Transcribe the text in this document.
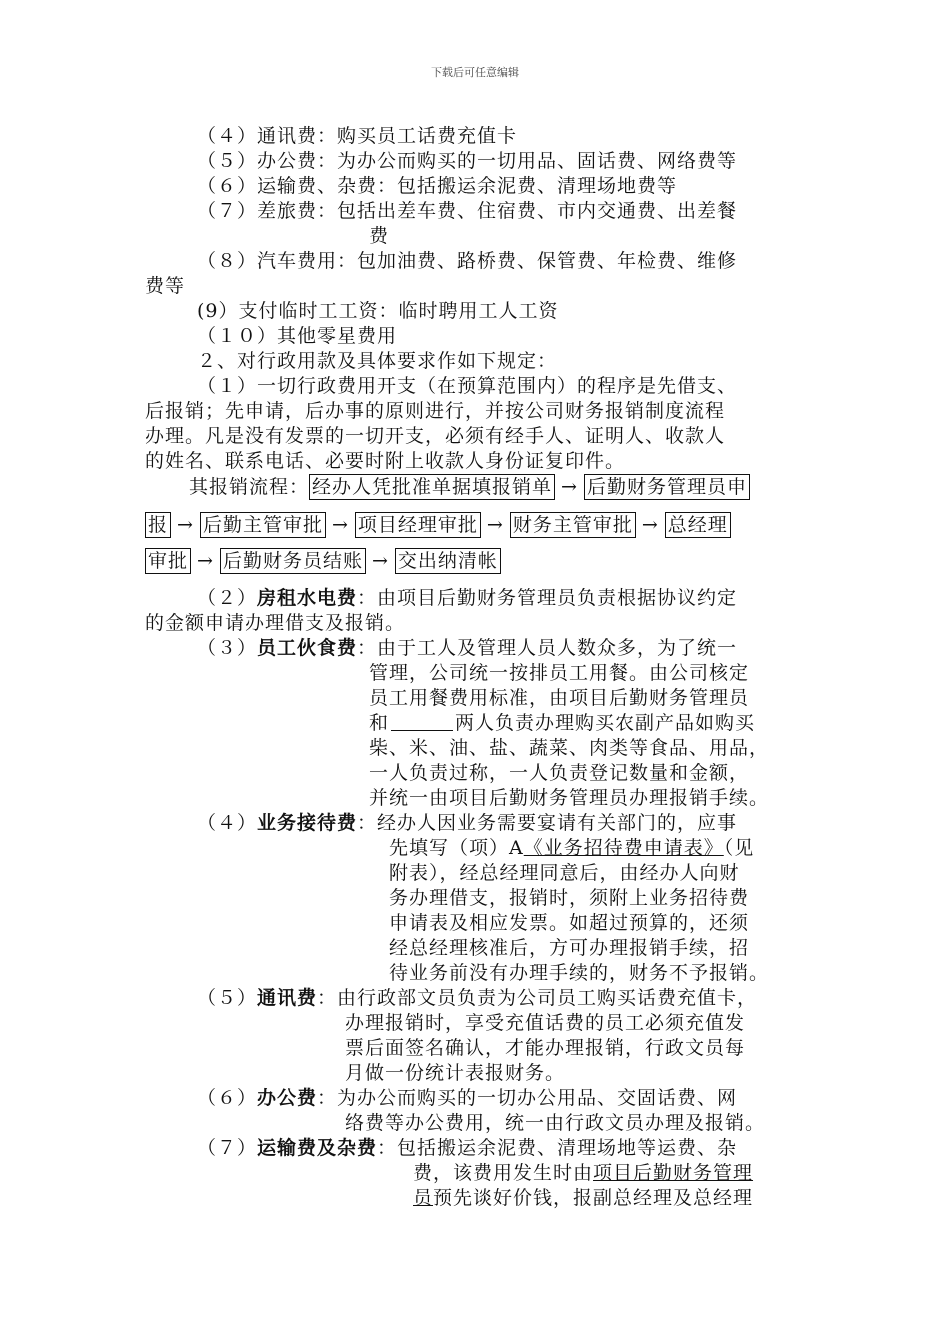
下载后可任意编辑
（４）通讯费：购买员工话费充值卡
（５）办公费：为办公而购买的一切用品、固话费、网络费等
（６）运输费、杂费：包括搬运余泥费、清理场地费等
（７）差旅费：包括出差车费、住宿费、市内交通费、出差餐
费
（８）汽车费用：包加油费、路桥费、保管费、年检费、维修
费等
(9）支付临时工工资：临时聘用工人工资
（１０）其他零星费用
２、对行政用款及具体要求作如下规定：
（１）一切行政费用开支（在预算范围内）的程序是先借支、
后报销；先申请，后办事的原则进行，并按公司财务报销制度流程
办理。凡是没有发票的一切开支，必须有经手人、证明人、收款人
的姓名、联系电话、必要时附上收款人身份证复印件。
其报销流程： 经办人凭批准单据填报销单 → 后勤财务管理员申
报 → 后勤主管审批 → 项目经理审批 → 财务主管审批 → 总经理
审批 → 后勤财务员结账 → 交出纳清帐
（２）房租水电费：由项目后勤财务管理员负责根据协议约定
的金额申请办理借支及报销。
（３）员工伙食费：由于工人及管理人员人数众多，为了统一
管理，公司统一按排员工用餐。由公司核定
员工用餐费用标准，由项目后勤财务管理员
和	两人负责办理购买农副产品如购买
柴、米、油、盐、蔬菜、肉类等食品、用品，
一人负责过称，一人负责登记数量和金额，
并统一由项目后勤财务管理员办理报销手续。
（４）业务接待费：经办人因业务需要宴请有关部门的，应事
先填写（项）A《业务招待费申请表》（见
附表），经总经理同意后，由经办人向财
务办理借支，报销时，须附上业务招待费
申请表及相应发票。如超过预算的，还须
经总经理核准后，方可办理报销手续，招
待业务前没有办理手续的，财务不予报销。
（５）通讯费：由行政部文员负责为公司员工购买话费充值卡，
办理报销时，享受充值话费的员工必须充值发
票后面签名确认，才能办理报销，行政文员每
月做一份统计表报财务。
（６）办公费：为办公而购买的一切办公用品、交固话费、网
络费等办公费用，统一由行政文员办理及报销。
（７）运输费及杂费：包括搬运余泥费、清理场地等运费、杂
费，该费用发生时由项目后勤财务管理
员预先谈好价钱，报副总经理及总经理
